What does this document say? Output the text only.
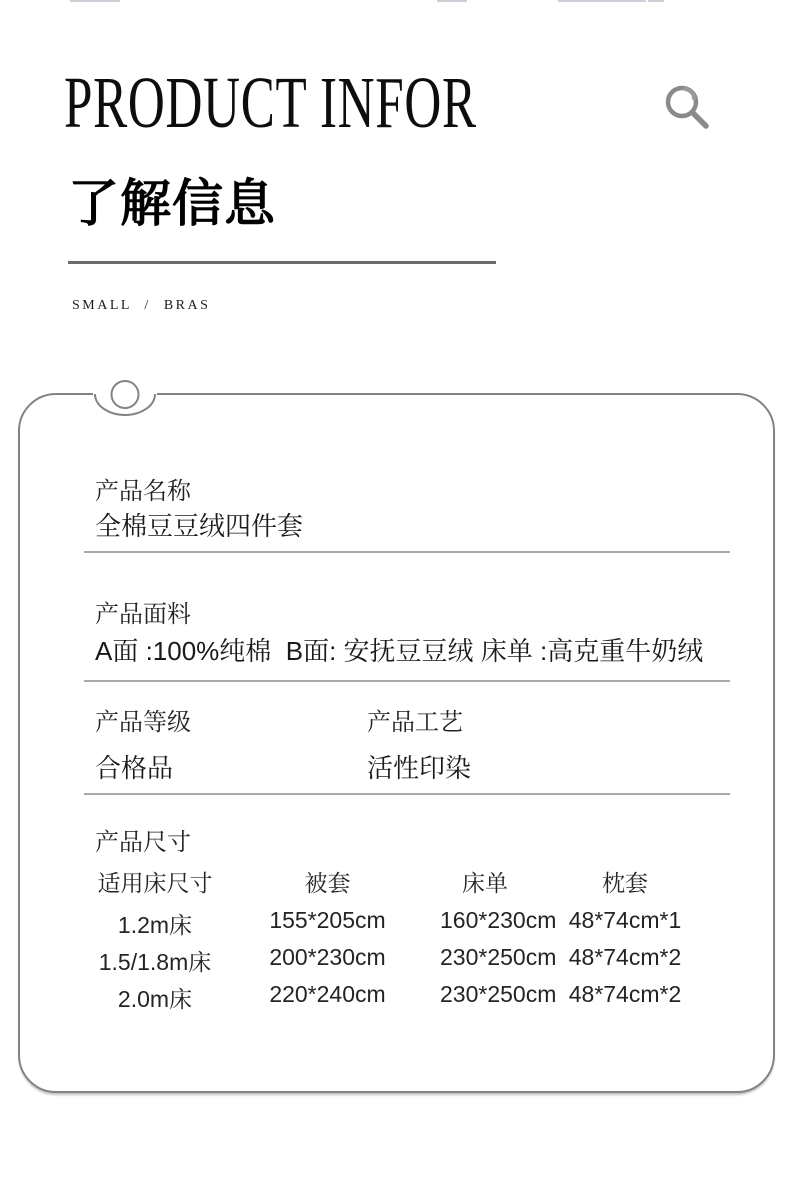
PRODUCT INFOR
了解信息
SMALL / BRAS
产品名称
全棉豆豆绒四件套
产品面料
A面 :100%纯棉  B面: 安抚豆豆绒 床单 :高克重牛奶绒
产品等级	产品工艺
合格品	活性印染
产品尺寸
适用床尺寸	被套	床单	枕套
1.2m床	155*205cm	160*230cm 48*74cm*1
1.5/1.8m床	200*230cm	230*250cm 48*74cm*2
2.0m床	220*240cm	230*250cm 48*74cm*2
